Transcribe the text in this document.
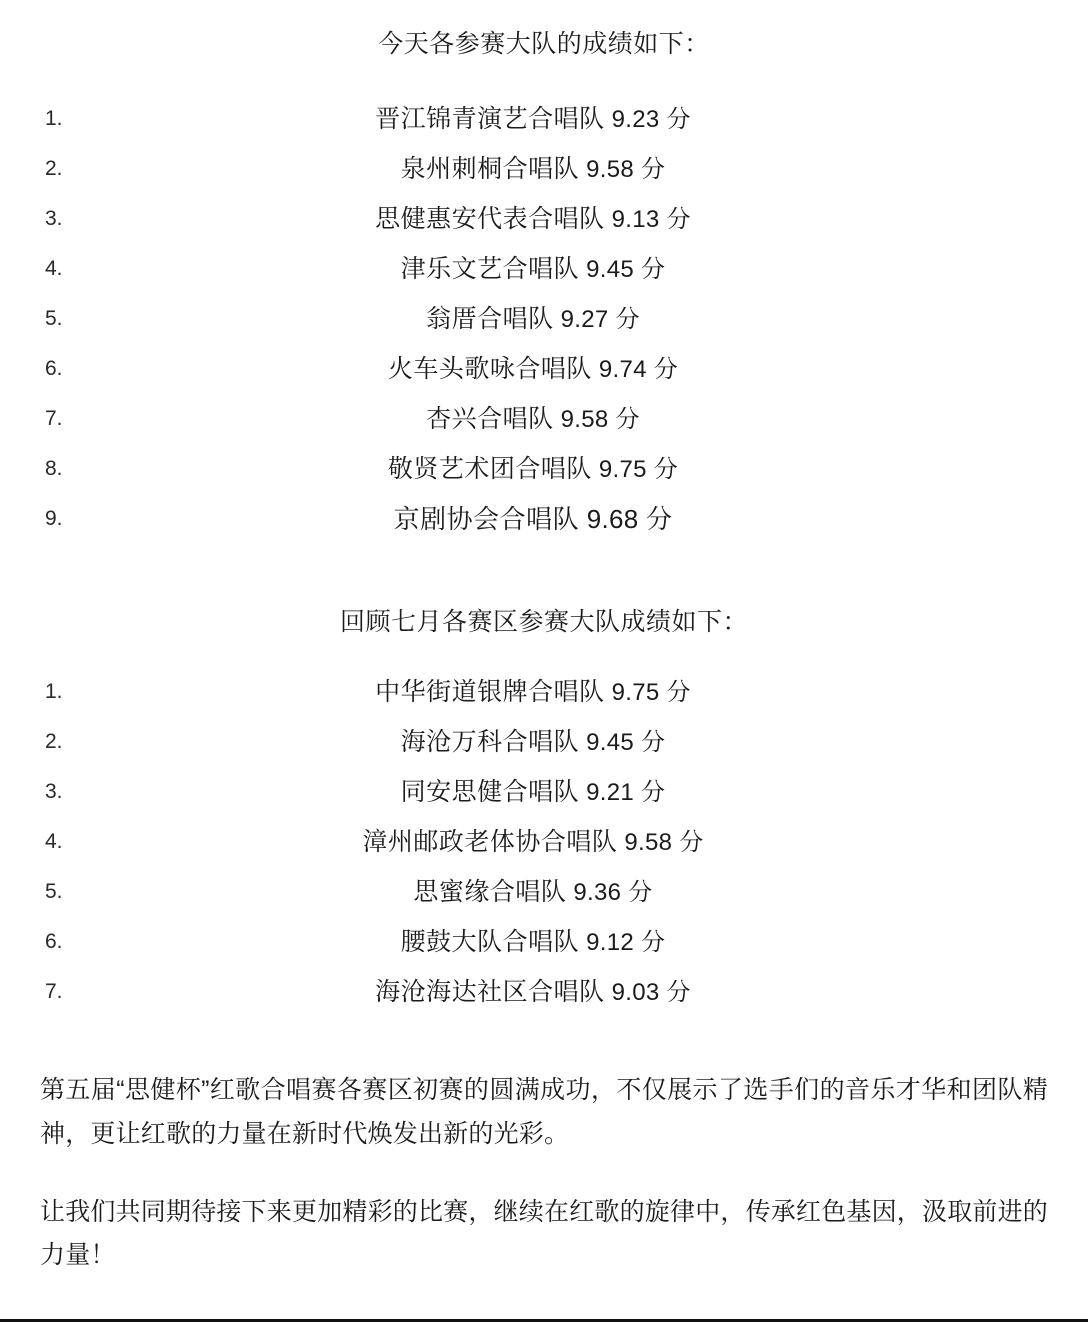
今天各参赛大队的成绩如下：
1.	晋江锦青演艺合唱队 9.23 分
2.	泉州刺桐合唱队 9.58 分
3.	思健惠安代表合唱队 9.13 分
4.	津乐文艺合唱队 9.45 分
5.	翁厝合唱队 9.27 分
6.	火车头歌咏合唱队 9.74 分
7.	杏兴合唱队 9.58 分
8.	敬贤艺术团合唱队 9.75 分
9.	京剧协会合唱队 9.68 分
回顾七月各赛区参赛大队成绩如下：
1.	中华街道银牌合唱队 9.75 分
2.	海沧万科合唱队 9.45 分
3.	同安思健合唱队 9.21 分
4.	漳州邮政老体协合唱队 9.58 分
5.	思蜜缘合唱队 9.36 分
6.	腰鼓大队合唱队 9.12 分
7.	海沧海达社区合唱队 9.03 分

第五届“思健杯”红歌合唱赛各赛区初赛的圆满成功，不仅展示了选手们的音乐才华和团队精神，更让红歌的力量在新时代焕发出新的光彩。

让我们共同期待接下来更加精彩的比赛，继续在红歌的旋律中，传承红色基因，汲取前进的力量！
